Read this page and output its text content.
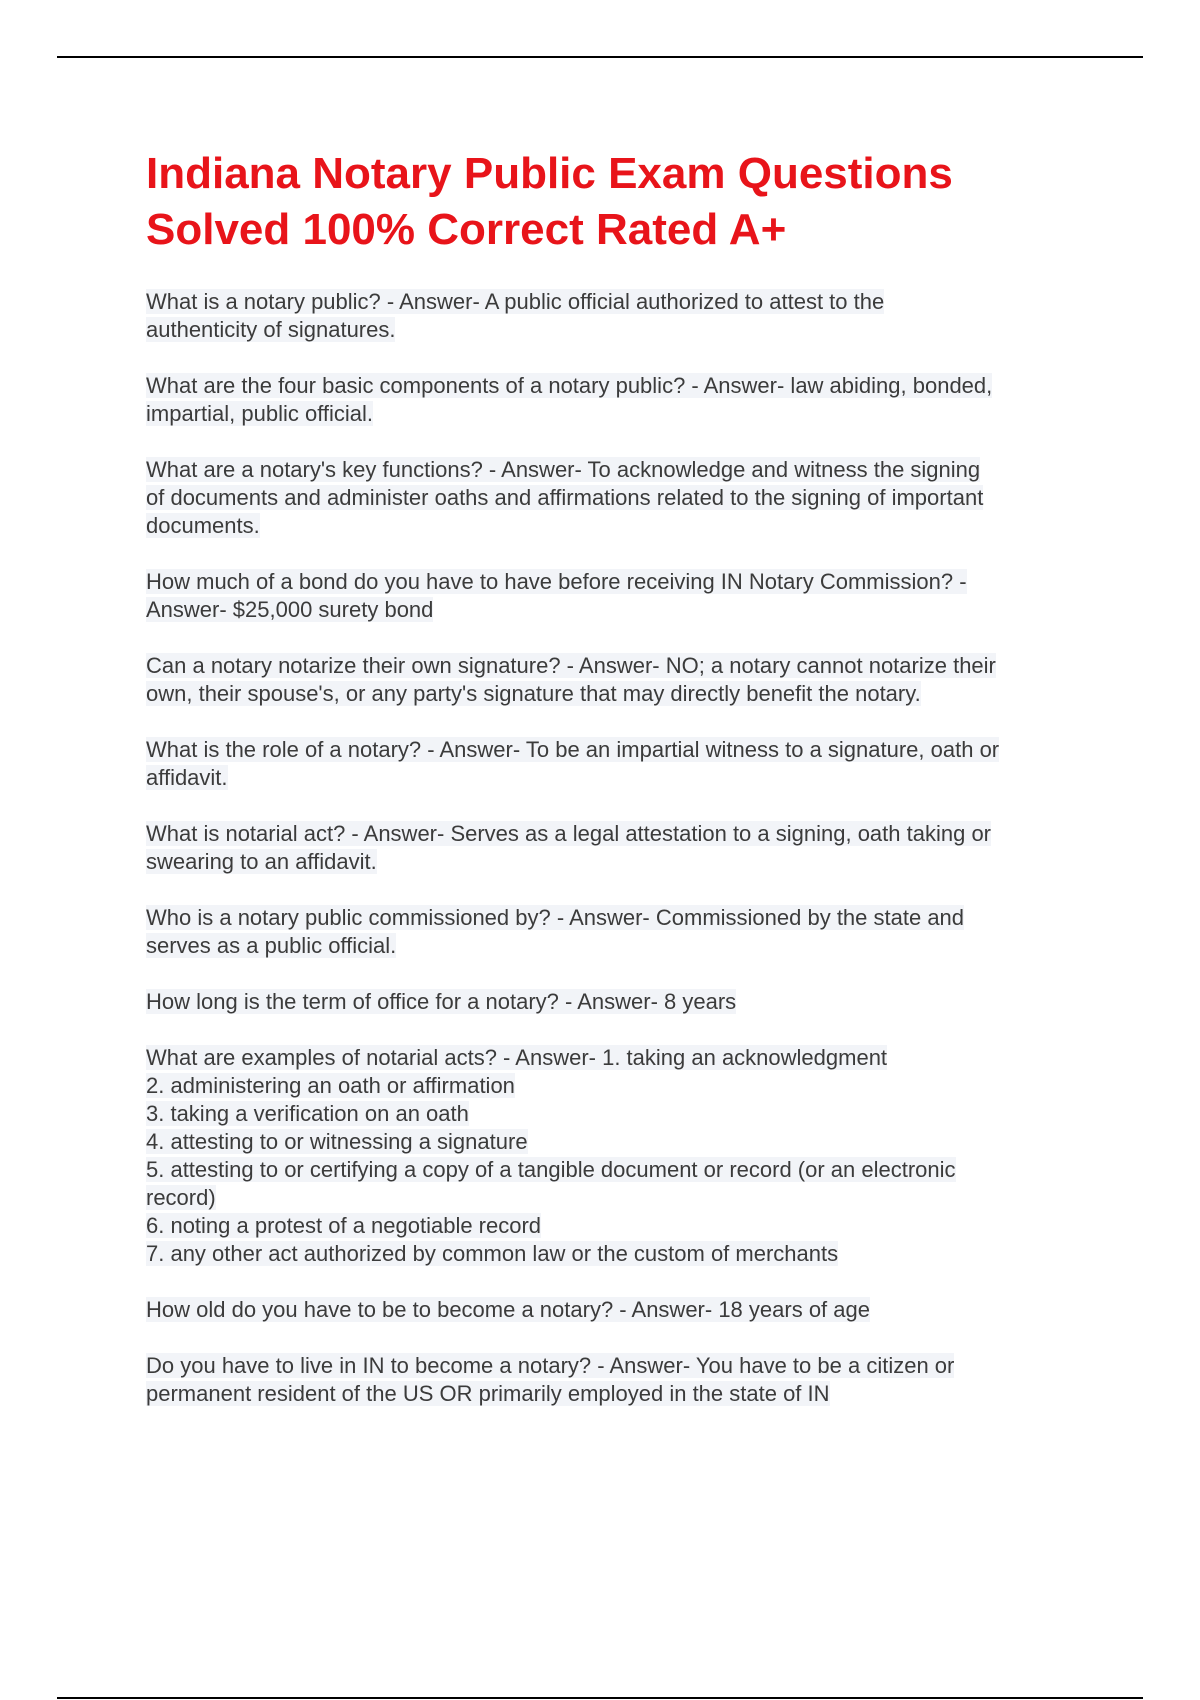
Indiana Notary Public Exam Questions
Solved 100% Correct Rated A+

What is a notary public? - Answer- A public official authorized to attest to the
authenticity of signatures.

What are the four basic components of a notary public? - Answer- law abiding, bonded,
impartial, public official.

What are a notary's key functions? - Answer- To acknowledge and witness the signing
of documents and administer oaths and affirmations related to the signing of important
documents.

How much of a bond do you have to have before receiving IN Notary Commission? -
Answer- $25,000 surety bond

Can a notary notarize their own signature? - Answer- NO; a notary cannot notarize their
own, their spouse's, or any party's signature that may directly benefit the notary.

What is the role of a notary? - Answer- To be an impartial witness to a signature, oath or
affidavit.

What is notarial act? - Answer- Serves as a legal attestation to a signing, oath taking or
swearing to an affidavit.

Who is a notary public commissioned by? - Answer- Commissioned by the state and
serves as a public official.

How long is the term of office for a notary? - Answer- 8 years

What are examples of notarial acts? - Answer- 1. taking an acknowledgment
2. administering an oath or affirmation
3. taking a verification on an oath
4. attesting to or witnessing a signature
5. attesting to or certifying a copy of a tangible document or record (or an electronic
record)
6. noting a protest of a negotiable record
7. any other act authorized by common law or the custom of merchants

How old do you have to be to become a notary? - Answer- 18 years of age

Do you have to live in IN to become a notary? - Answer- You have to be a citizen or
permanent resident of the US OR primarily employed in the state of IN
